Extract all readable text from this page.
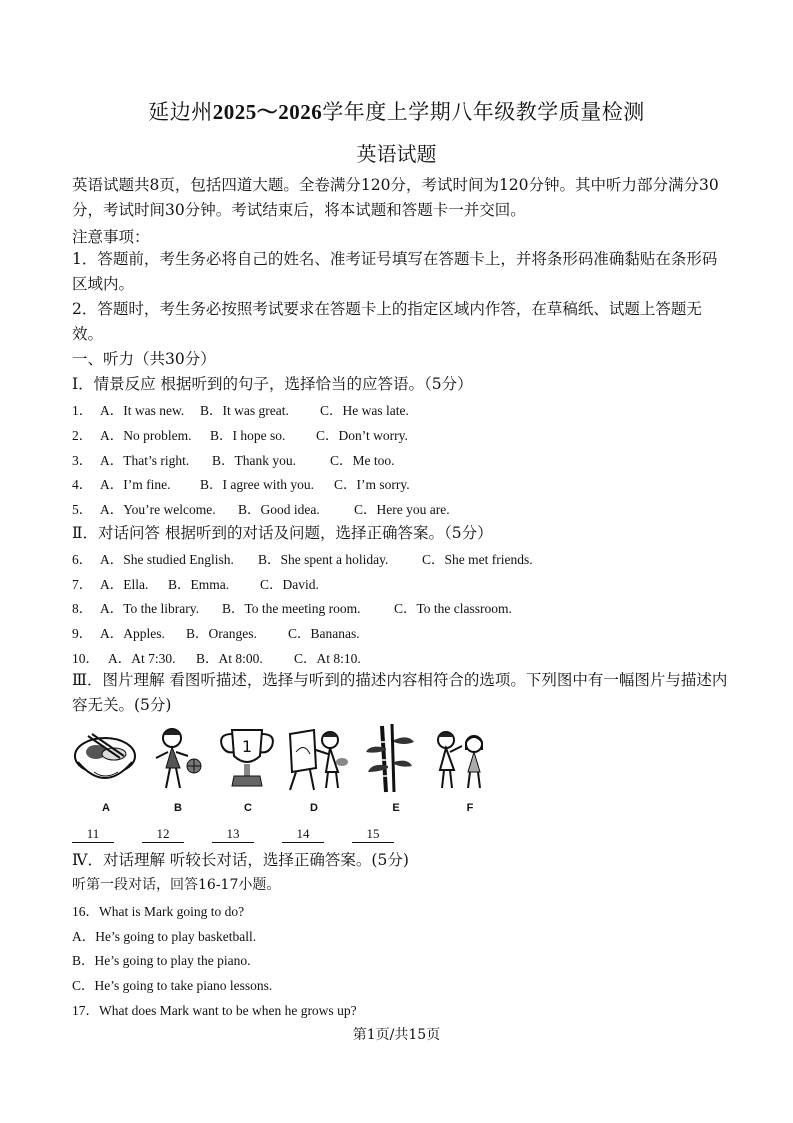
延边州2025～2026学年度上学期八年级教学质量检测
英语试题
英语试题共8页，包括四道大题。全卷满分120分，考试时间为120分钟。其中听力部分满分30分，考试时间30分钟。考试结束后，将本试题和答题卡一并交回。
注意事项：
1．答题前，考生务必将自己的姓名、准考证号填写在答题卡上，并将条形码准确黏贴在条形码区域内。
2．答题时，考生务必按照考试要求在答题卡上的指定区域内作答，在草稿纸、试题上答题无效。
一、听力（共30分）
Ⅰ．情景反应 根据听到的句子，选择恰当的应答语。（5分）
1． A．It was new. B．It was great. C．He was late.
2． A．No problem. B．I hope so. C．Don’t worry.
3． A．That’s right. B．Thank you.	C．Me too.
4． A．I’m fine. B．I agree with you. C．I’m sorry.
5． A．You’re welcome. B．Good idea.	C．Here you are.
Ⅱ．对话问答 根据听到的对话及问题，选择正确答案。（5分）
6． A．She studied English. B．She spent a holiday. C．She met friends.
7． A．Ella. B．Emma. C．David.
8． A．To the library. B．To the meeting room. C．To the classroom.
9． A．Apples. B．Oranges. C．Bananas.
10． A．At 7:30. B．At 8:00. C．At 8:10.
Ⅲ．图片理解 看图听描述，选择与听到的描述内容相符合的选项。下列图中有一幅图片与描述内容无关。(5分)
1
A	B	C	D	E	F
11	12	13	14	15
Ⅳ．对话理解 听较长对话，选择正确答案。(5分)
听第一段对话，回答16-17小题。
16．What is Mark going to do?
A．He’s going to play basketball.
B．He’s going to play the piano.
C．He’s going to take piano lessons.
17．What does Mark want to be when he grows up?
第1页/共15页
